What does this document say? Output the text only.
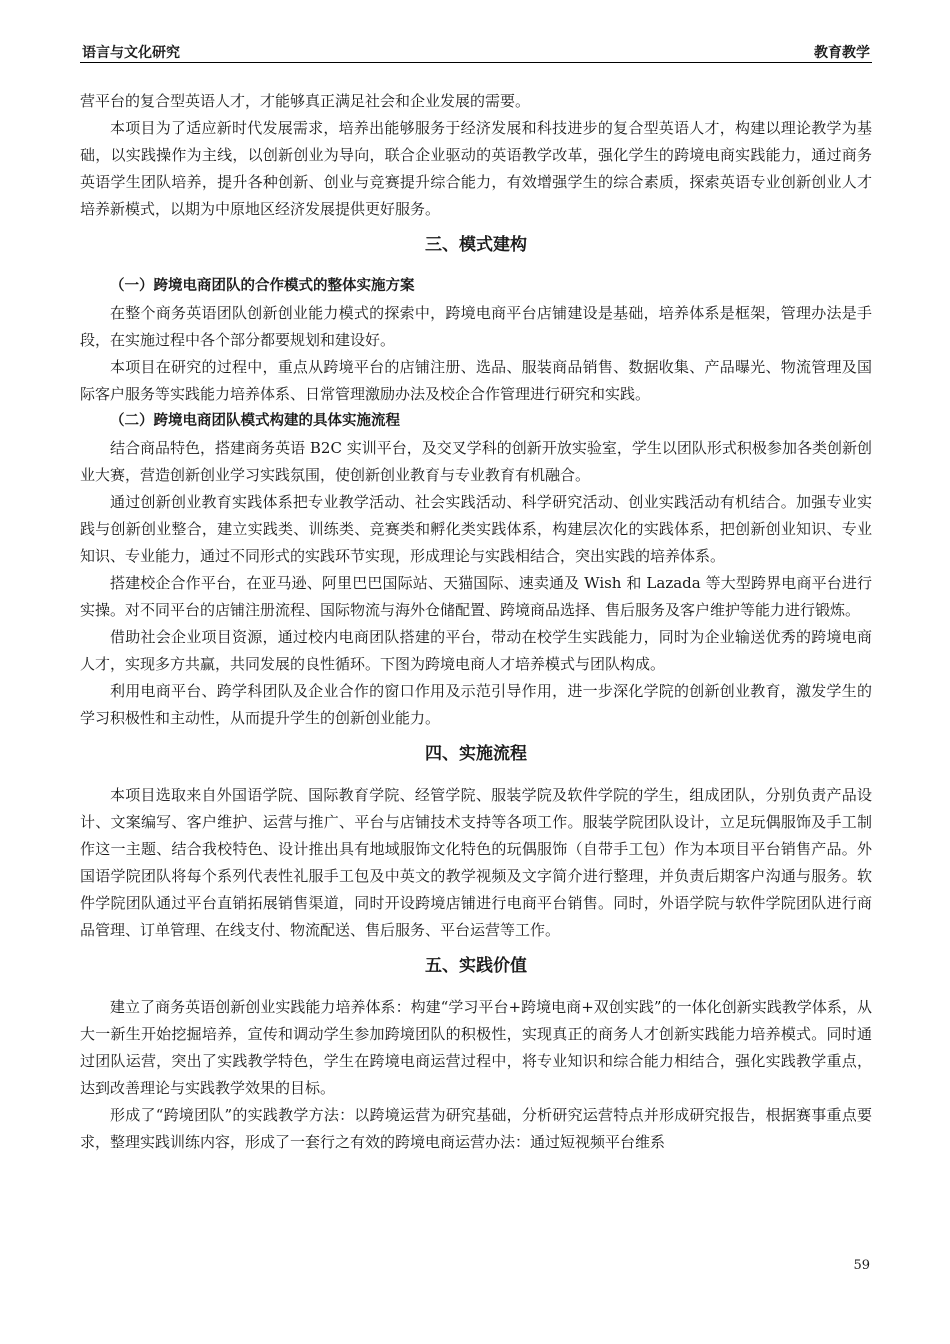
语言与文化研究	教育教学

营平台的复合型英语人才，才能够真正满足社会和企业发展的需要。

本项目为了适应新时代发展需求，培养出能够服务于经济发展和科技进步的复合型英语人才，构建以理论教学为基础，以实践操作为主线，以创新创业为导向，联合企业驱动的英语教学改革，强化学生的跨境电商实践能力，通过商务英语学生团队培养，提升各种创新、创业与竞赛提升综合能力，有效增强学生的综合素质，探索英语专业创新创业人才培养新模式，以期为中原地区经济发展提供更好服务。

三、模式建构
（一）跨境电商团队的合作模式的整体实施方案

在整个商务英语团队创新创业能力模式的探索中，跨境电商平台店铺建设是基础，培养体系是框架，管理办法是手段，在实施过程中各个部分都要规划和建设好。

本项目在研究的过程中，重点从跨境平台的店铺注册、选品、服装商品销售、数据收集、产品曝光、物流管理及国际客户服务等实践能力培养体系、日常管理激励办法及校企合作管理进行研究和实践。

（二）跨境电商团队模式构建的具体实施流程

结合商品特色，搭建商务英语 B2C 实训平台，及交叉学科的创新开放实验室，学生以团队形式积极参加各类创新创业大赛，营造创新创业学习实践氛围，使创新创业教育与专业教育有机融合。

通过创新创业教育实践体系把专业教学活动、社会实践活动、科学研究活动、创业实践活动有机结合。加强专业实践与创新创业整合，建立实践类、训练类、竞赛类和孵化类实践体系，构建层次化的实践体系，把创新创业知识、专业知识、专业能力，通过不同形式的实践环节实现，形成理论与实践相结合，突出实践的培养体系。

搭建校企合作平台，在亚马逊、阿里巴巴国际站、天猫国际、速卖通及 Wish 和 Lazada 等大型跨界电商平台进行实操。对不同平台的店铺注册流程、国际物流与海外仓储配置、跨境商品选择、售后服务及客户维护等能力进行锻炼。

借助社会企业项目资源，通过校内电商团队搭建的平台，带动在校学生实践能力，同时为企业输送优秀的跨境电商人才，实现多方共赢，共同发展的良性循环。下图为跨境电商人才培养模式与团队构成。

利用电商平台、跨学科团队及企业合作的窗口作用及示范引导作用，进一步深化学院的创新创业教育，激发学生的学习积极性和主动性，从而提升学生的创新创业能力。

四、实施流程

本项目选取来自外国语学院、国际教育学院、经管学院、服装学院及软件学院的学生，组成团队，分别负责产品设计、文案编写、客户维护、运营与推广、平台与店铺技术支持等各项工作。服装学院团队设计，立足玩偶服饰及手工制作这一主题、结合我校特色、设计推出具有地域服饰文化特色的玩偶服饰（自带手工包）作为本项目平台销售产品。外国语学院团队将每个系列代表性礼服手工包及中英文的教学视频及文字简介进行整理，并负责后期客户沟通与服务。软件学院团队通过平台直销拓展销售渠道，同时开设跨境店铺进行电商平台销售。同时，外语学院与软件学院团队进行商品管理、订单管理、在线支付、物流配送、售后服务、平台运营等工作。

五、实践价值

建立了商务英语创新创业实践能力培养体系：构建“学习平台+跨境电商+双创实践”的一体化创新实践教学体系，从大一新生开始挖掘培养，宣传和调动学生参加跨境团队的积极性，实现真正的商务人才创新实践能力培养模式。同时通过团队运营，突出了实践教学特色，学生在跨境电商运营过程中，将专业知识和综合能力相结合，强化实践教学重点，达到改善理论与实践教学效果的目标。

形成了“跨境团队”的实践教学方法：以跨境运营为研究基础，分析研究运营特点并形成研究报告，根据赛事重点要求，整理实践训练内容，形成了一套行之有效的跨境电商运营办法：通过短视频平台维系

59
